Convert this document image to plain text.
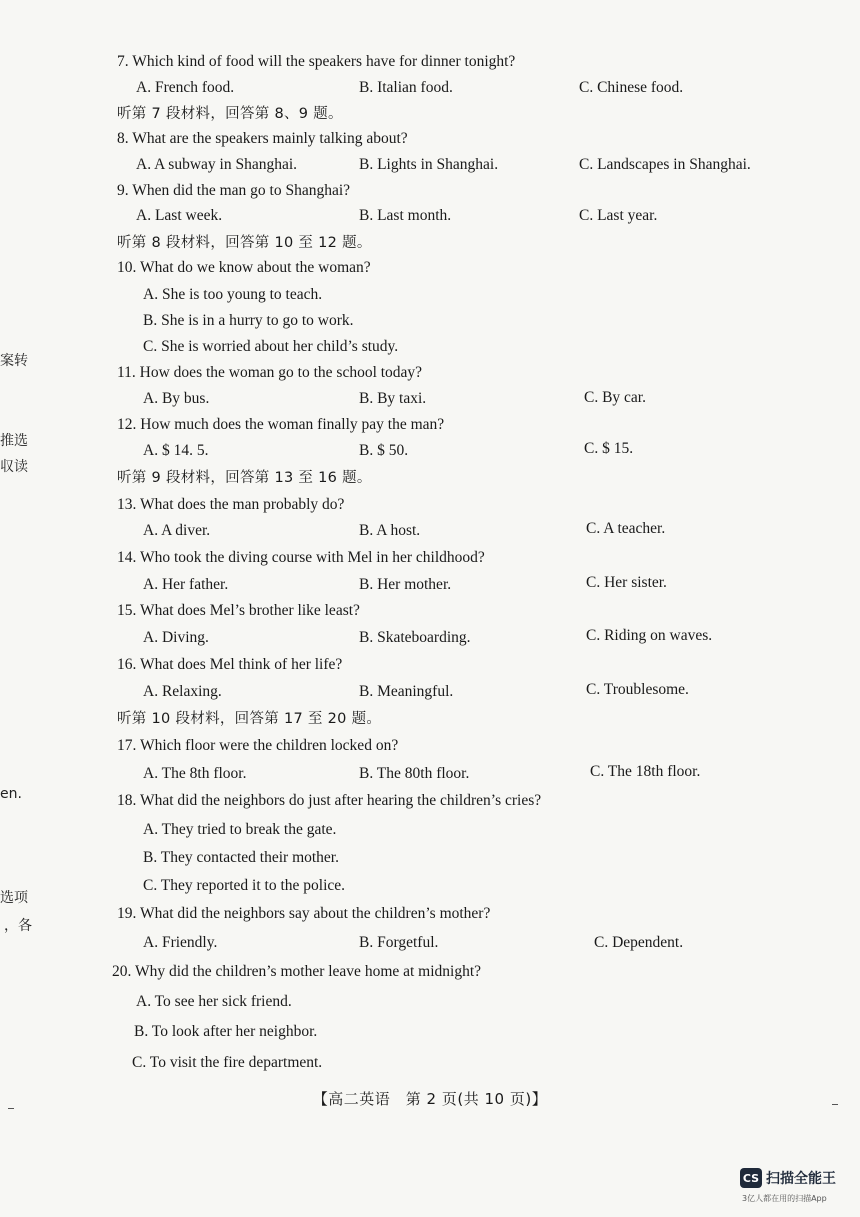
案转
推选
収读
en.
选项
，各
7. Which kind of food will the speakers have for dinner tonight?
A. French food.	B. Italian food.	C. Chinese food.
听第 7 段材料，回答第 8、9 题。
8. What are the speakers mainly talking about?
A. A subway in Shanghai.	B. Lights in Shanghai.	C. Landscapes in Shanghai.
9. When did the man go to Shanghai?
A. Last week.	B. Last month.	C. Last year.
听第 8 段材料，回答第 10 至 12 题。
10. What do we know about the woman?
A. She is too young to teach.
B. She is in a hurry to go to work.
C. She is worried about her child’s study.
11. How does the woman go to the school today?
A. By bus.	B. By taxi.	C. By car.
12. How much does the woman finally pay the man?
A. $ 14. 5.	B. $ 50.	C. $ 15.
听第 9 段材料，回答第 13 至 16 题。
13. What does the man probably do?
A. A diver.	B. A host.	C. A teacher.
14. Who took the diving course with Mel in her childhood?
A. Her father.	B. Her mother.	C. Her sister.
15. What does Mel’s brother like least?
A. Diving.	B. Skateboarding.	C. Riding on waves.
16. What does Mel think of her life?
A. Relaxing.	B. Meaningful.	C. Troublesome.
听第 10 段材料，回答第 17 至 20 题。
17. Which floor were the children locked on?
A. The 8th floor.	B. The 80th floor.	C. The 18th floor.
18. What did the neighbors do just after hearing the children’s cries?
A. They tried to break the gate.
B. They contacted their mother.
C. They reported it to the police.
19. What did the neighbors say about the children’s mother?
A. Friendly.	B. Forgetful.	C. Dependent.
20. Why did the children’s mother leave home at midnight?
A. To see her sick friend.
B. To look after her neighbor.
C. To visit the fire department.
【高二英语　第 2 页(共 10 页)】
CS 扫描全能王
3亿人都在用的扫描App
